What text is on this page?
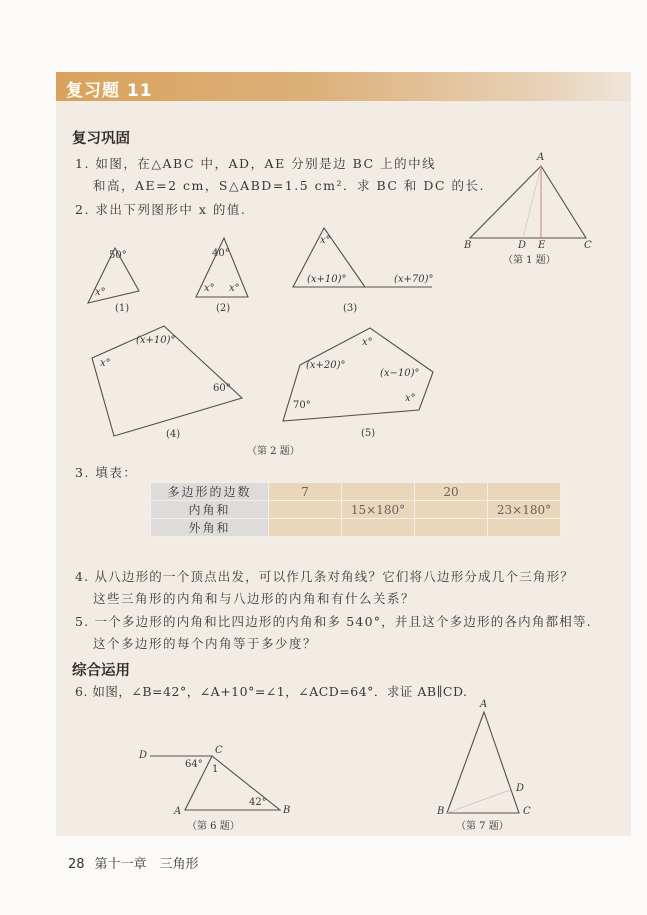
复习题 11
复习巩固
1. 如图，在△ABC 中，AD，AE 分别是边 BC 上的中线
和高，AE=2 cm，S△ABD=1.5 cm²．求 BC 和 DC 的长.
2. 求出下列图形中 x 的值.
A
B	C
D E
（第 1 题）
50°
x°
(1)
40°
x° x°
(2)
x°
(x+10)°	(x+70)°
(3)
x°
(x+10)°
60°
(4)
x°
(x+20)°
(x−10)°
x°
70°
(5)
（第 2 题）
3. 填表：
多边形的边数	7		20	
内角和		15×180°		23×180°
外角和				
4. 从八边形的一个顶点出发，可以作几条对角线？它们将八边形分成几个三角形？
这些三角形的内角和与八边形的内角和有什么关系？
5. 一个多边形的内角和比四边形的内角和多 540°，并且这个多边形的各内角都相等.
这个多边形的每个内角等于多少度？
综合运用
6. 如图，∠B=42°，∠A+10°=∠1，∠ACD=64°．求证 AB∥CD.
D	C
64° 1
42°
A	B
（第 6 题）
A
D
B	C
（第 7 题）
28 第十一章　三角形
